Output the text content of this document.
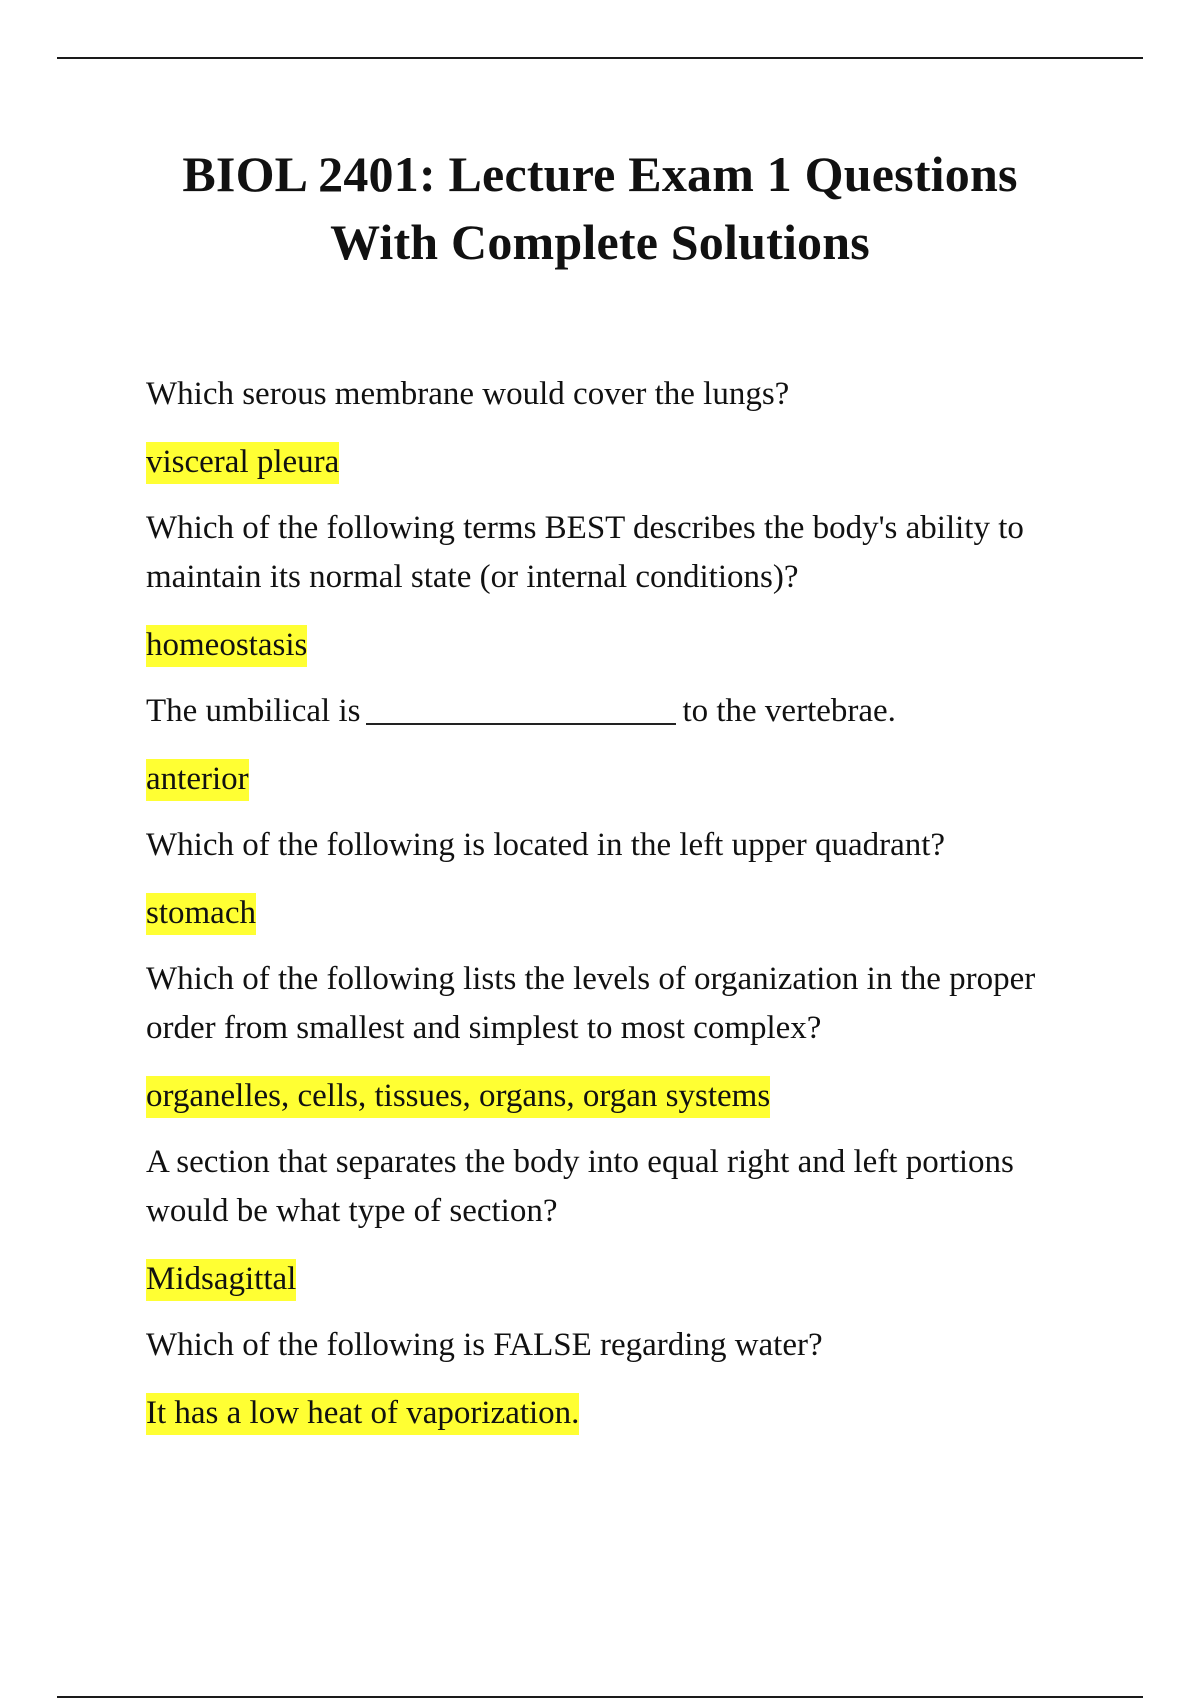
BIOL 2401: Lecture Exam 1 Questions
With Complete Solutions

Which serous membrane would cover the lungs?

visceral pleura

Which of the following terms BEST describes the body's ability to maintain its normal state (or internal conditions)?

homeostasis

The umbilical is	to the vertebrae.

anterior

Which of the following is located in the left upper quadrant?

stomach

Which of the following lists the levels of organization in the proper order from smallest and simplest to most complex?

organelles, cells, tissues, organs, organ systems

A section that separates the body into equal right and left portions would be what type of section?

Midsagittal

Which of the following is FALSE regarding water?

It has a low heat of vaporization.
